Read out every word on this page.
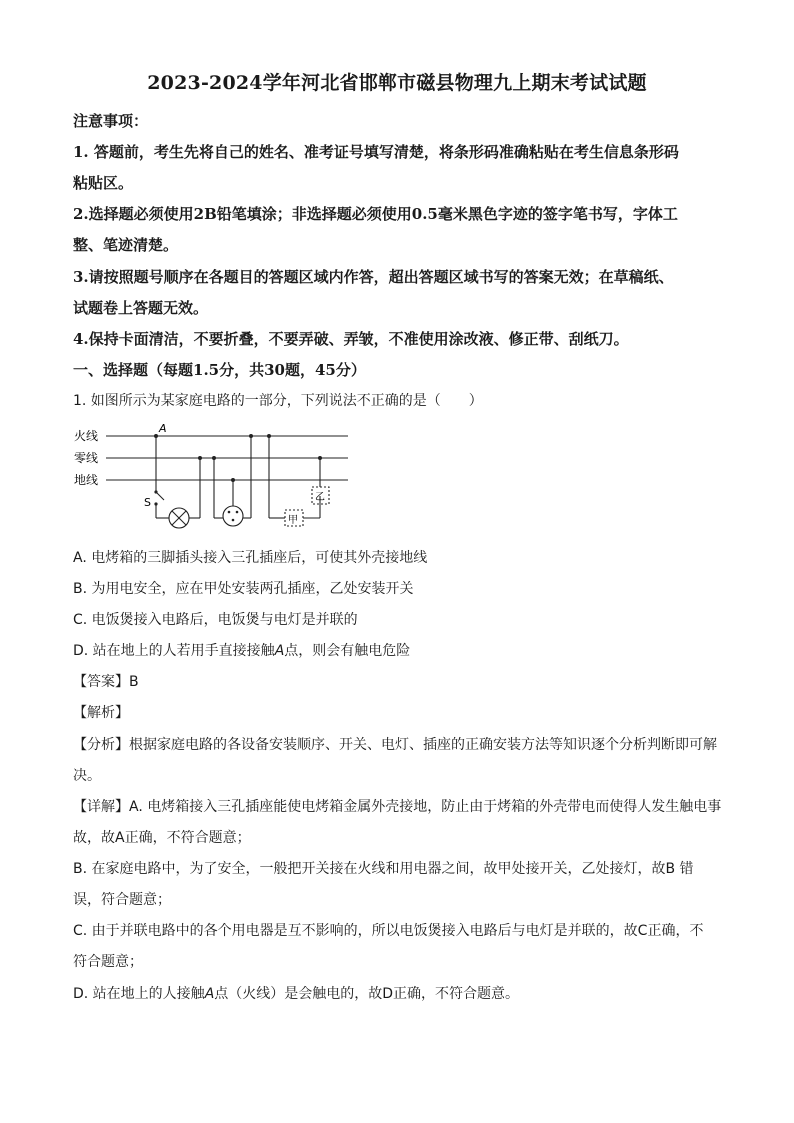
2023-2024学年河北省邯郸市磁县物理九上期末考试试题
注意事项：
1. 答题前，考生先将自己的姓名、准考证号填写清楚，将条形码准确粘贴在考生信息条形码
粘贴区。
2.选择题必须使用2B铅笔填涂；非选择题必须使用0.5毫米黑色字迹的签字笔书写，字体工
整、笔迹清楚。
3.请按照题号顺序在各题目的答题区域内作答，超出答题区域书写的答案无效；在草稿纸、
试题卷上答题无效。
4.保持卡面清洁，不要折叠，不要弄破、弄皱，不准使用涂改液、修正带、刮纸刀。
一、选择题（每题1.5分，共30题，45分）
1. 如图所示为某家庭电路的一部分，下列说法不正确的是（　　）
火线
零线
地线
A
S
甲
乙
A. 电烤箱的三脚插头接入三孔插座后，可使其外壳接地线
B. 为用电安全，应在甲处安装两孔插座，乙处安装开关
C. 电饭煲接入电路后，电饭煲与电灯是并联的
D. 站在地上的人若用手直接接触A点，则会有触电危险
【答案】B
【解析】
【分析】根据家庭电路的各设备安装顺序、开关、电灯、插座的正确安装方法等知识逐个分析判断即可解
决。
【详解】A. 电烤箱接入三孔插座能使电烤箱金属外壳接地，防止由于烤箱的外壳带电而使得人发生触电事
故，故A正确，不符合题意；
B. 在家庭电路中，为了安全，一般把开关接在火线和用电器之间，故甲处接开关，乙处接灯，故B 错
误，符合题意；
C. 由于并联电路中的各个用电器是互不影响的，所以电饭煲接入电路后与电灯是并联的，故C正确，不
符合题意；
D. 站在地上的人接触A点（火线）是会触电的，故D正确，不符合题意。
